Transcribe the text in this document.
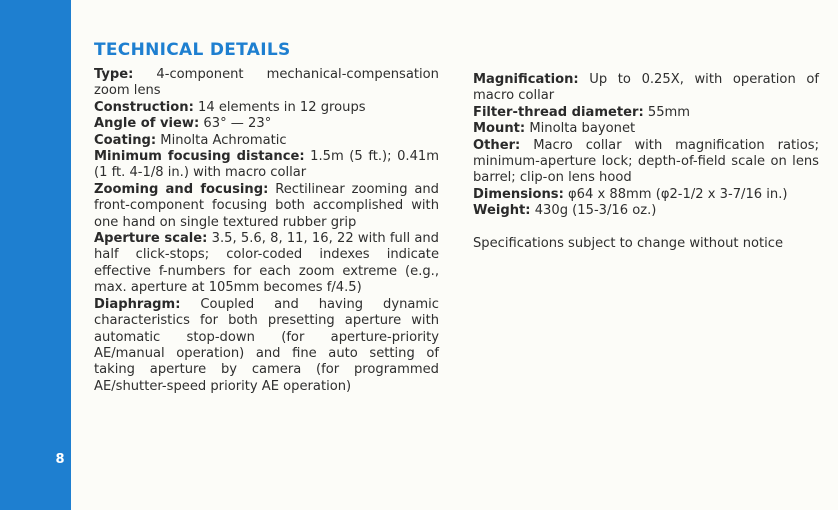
8
TECHNICAL DETAILS

Type: 4-component mechanical-compensation zoom lens

Construction: 14 elements in 12 groups

Angle of view: 63° — 23°

Coating: Minolta Achromatic

Minimum focusing distance: 1.5m (5 ft.); 0.41m (1 ft. 4-1/8 in.) with macro collar

Zooming and focusing: Rectilinear zooming and front-component focusing both accomplished with one hand on single textured rubber grip

Aperture scale: 3.5, 5.6, 8, 11, 16, 22 with full and half click-stops; color-coded indexes indicate effective f-numbers for each zoom extreme (e.g., max. aperture at 105mm becomes f/4.5)

Diaphragm: Coupled and having dynamic characteristics for both presetting aperture with automatic stop-down (for aperture-priority AE/manual operation) and fine auto setting of taking aperture by camera (for programmed AE/shutter-speed priority AE operation)

Magnification: Up to 0.25X, with operation of macro collar

Filter-thread diameter: 55mm

Mount: Minolta bayonet

Other: Macro collar with magnification ratios; minimum-aperture lock; depth-of-field scale on lens barrel; clip-on lens hood

Dimensions: φ64 x 88mm (φ2-1/2 x 3-7/16 in.)

Weight: 430g (15-3/16 oz.)

Specifications subject to change without notice
